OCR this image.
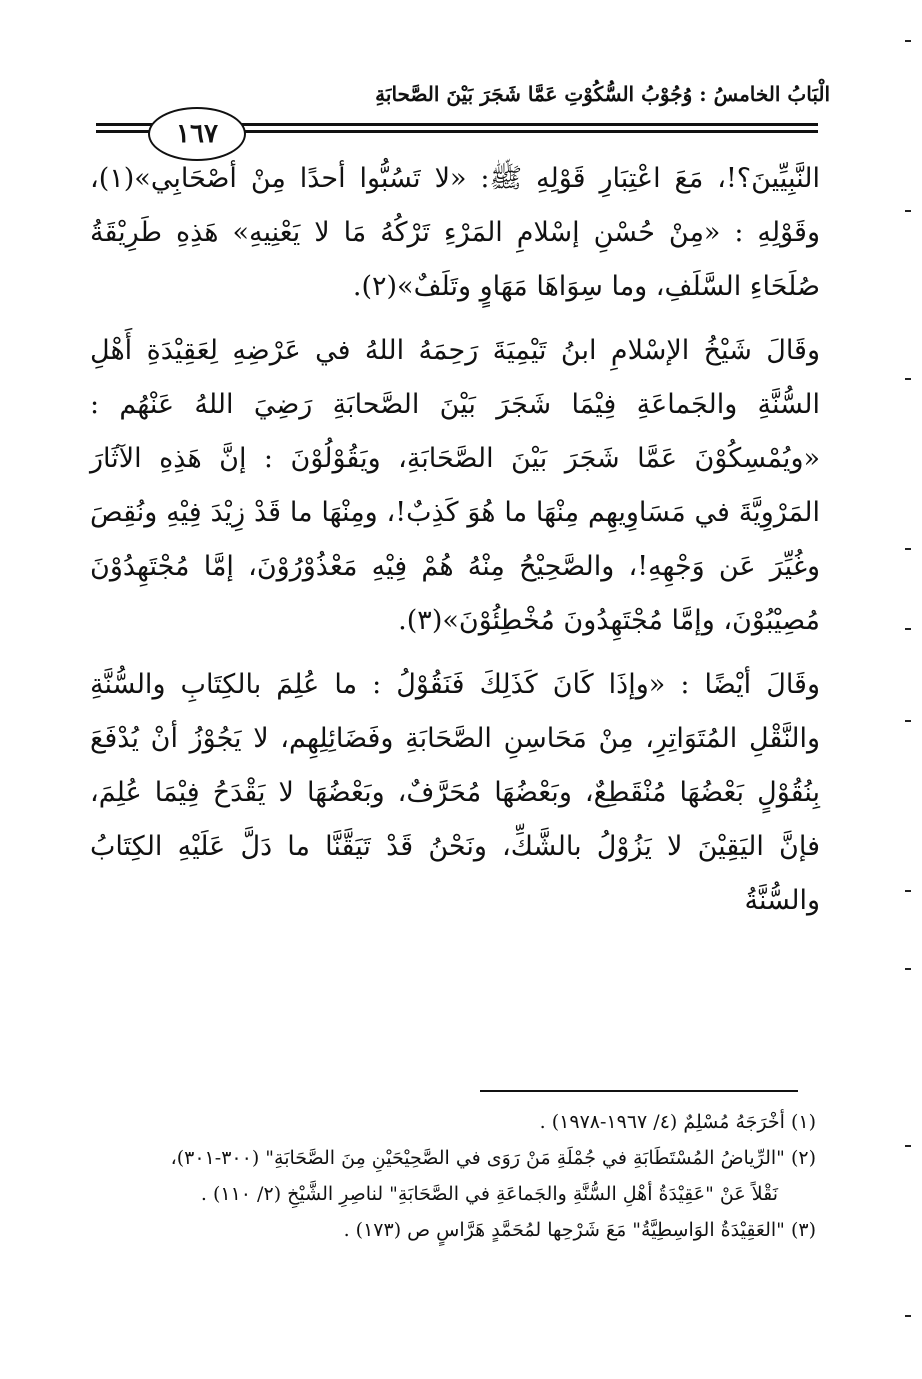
الْبَابُ الخامسُ : وُجُوْبُ السُّكُوْتِ عَمَّا شَجَرَ بَيْنَ الصَّحابَةِ
١٦٧

النَّبِيِّينَ؟!، مَعَ اعْتِبَارِ قَوْلِهِ ﷺ: «لا تَسُبُّوا أحدًا مِنْ أصْحَابِي»(١)، وقَوْلِهِ : «مِنْ حُسْنِ إسْلامِ المَرْءِ تَرْكُهُ مَا لا يَعْنِيهِ» هَذِهِ طَرِيْقَةُ صُلَحَاءِ السَّلَفِ، وما سِوَاهَا مَهَاوٍ وتَلَفٌ»(٢).

وقَالَ شَيْخُ الإسْلامِ ابنُ تَيْمِيَةَ رَحِمَهُ اللهُ في عَرْضِهِ لِعَقِيْدَةِ أَهْلِ السُّنَّةِ والجَماعَةِ فِيْمَا شَجَرَ بَيْنَ الصَّحابَةِ رَضِيَ اللهُ عَنْهُم : «ويُمْسِكُوْنَ عَمَّا شَجَرَ بَيْنَ الصَّحَابَةِ، ويَقُوْلُوْنَ : إنَّ هَذِهِ الآثَارَ المَرْوِيَّةَ في مَسَاوِيهِم مِنْهَا ما هُوَ كَذِبٌ!، ومِنْهَا ما قَدْ زِيْدَ فِيْهِ ونُقِصَ وغُيِّرَ عَن وَجْهِهِ!، والصَّحِيْحُ مِنْهُ هُمْ فِيْهِ مَعْذُوْرُوْنَ، إمَّا مُجْتَهِدُوْنَ مُصِيْبُوْنَ، وإمَّا مُجْتَهِدُونَ مُخْطِئُوْنَ»(٣).

وقَالَ أيْضًا : «وإذَا كَانَ كَذَلِكَ فَنَقُوْلُ : ما عُلِمَ بالكِتَابِ والسُّنَّةِ والنَّقْلِ المُتَوَاتِرِ، مِنْ مَحَاسِنِ الصَّحَابَةِ وفَضَائِلِهِم، لا يَجُوْزُ أنْ يُدْفَعَ بِنُقُوْلٍ بَعْضُهَا مُنْقَطِعٌ، وبَعْضُهَا مُحَرَّفٌ، وبَعْضُهَا لا يَقْدَحُ فِيْمَا عُلِمَ، فإنَّ اليَقِيْنَ لا يَزُوْلُ بالشَّكِّ، ونَحْنُ قَدْ تَيَقَّنَّا ما دَلَّ عَلَيْهِ الكِتَابُ والسُّنَّةُ

(١) أخْرَجَهُ مُسْلِمٌ (٤/ ١٩٦٧-١٩٧٨) .

(٢) "الرِّياضُ المُسْتَطَابَةِ في جُمْلَةِ مَنْ رَوَى في الصَّحِيْحَيْنِ مِنَ الصَّحَابَةِ" (٣٠٠-٣٠١)،

نَقْلاً عَنْ "عَقِيْدَةُ أهْلِ السُّنَّةِ والجَماعَةِ في الصَّحَابَةِ" لناصِرِ الشَّيْخِ (٢/ ١١٠) .

(٣) "العَقِيْدَةُ الوَاسِطِيَّةُ" مَعَ شَرْحِها لمُحَمَّدٍ هَرَّاسٍ ص (١٧٣) .
